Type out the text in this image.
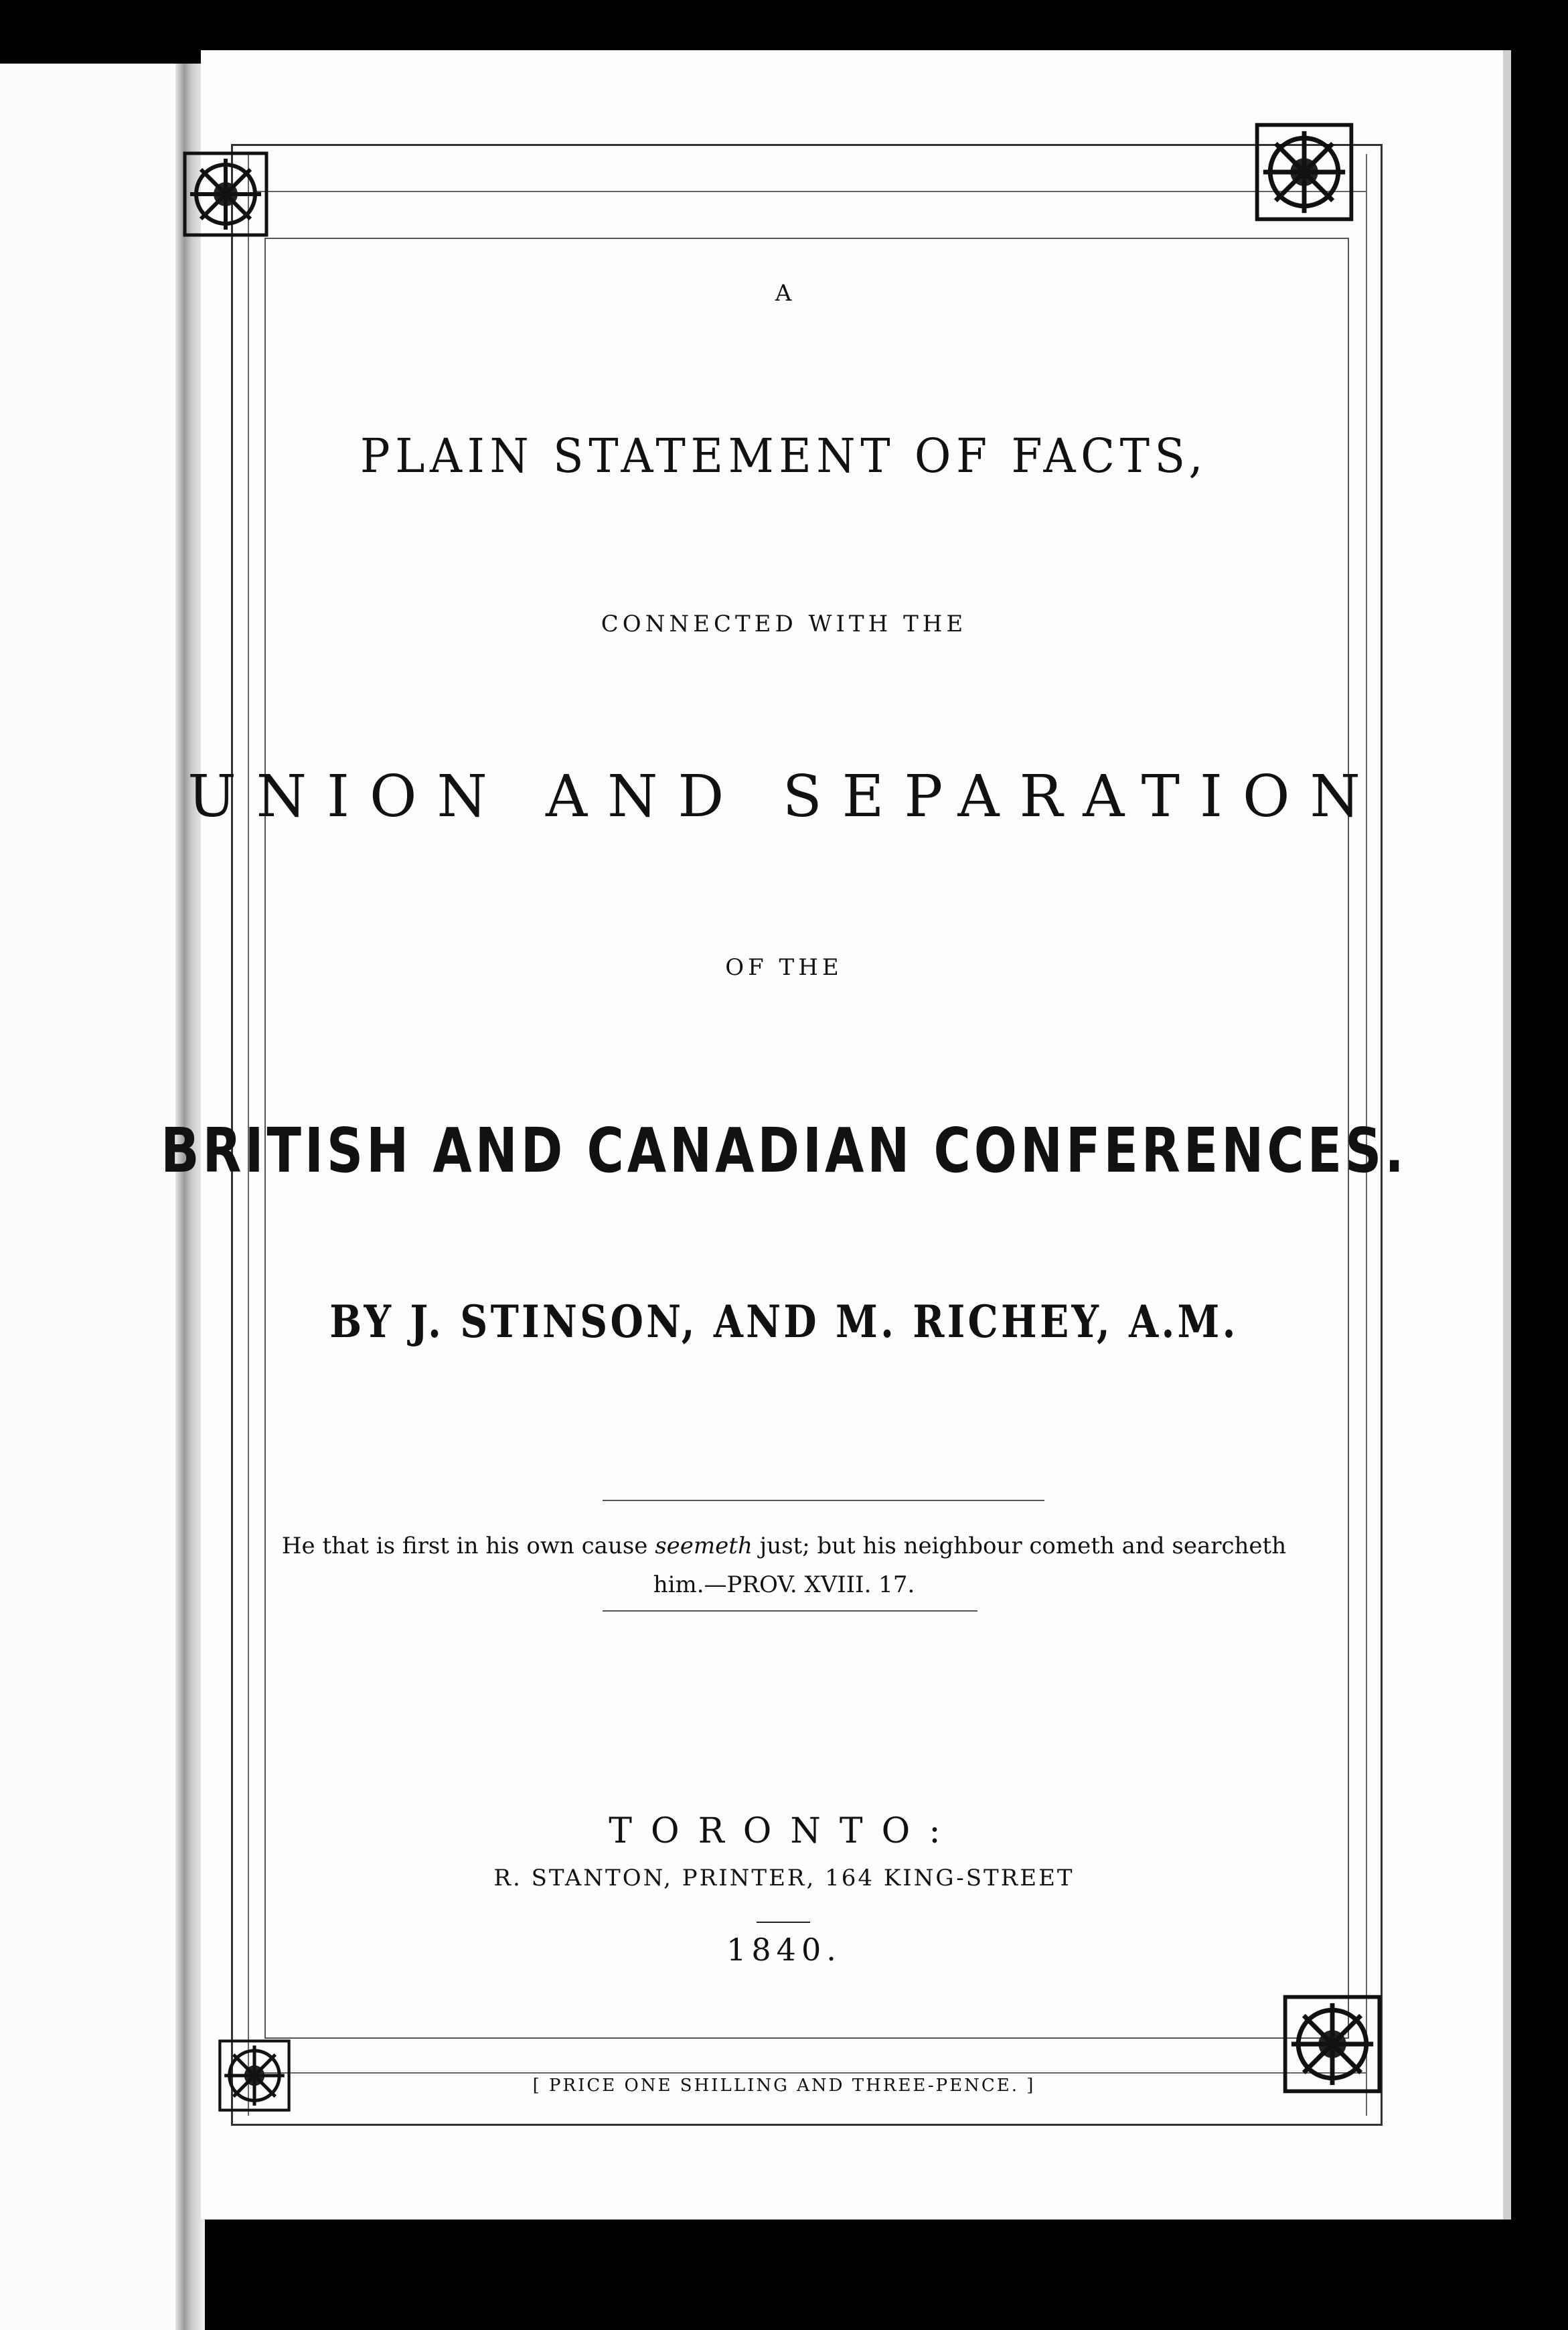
A
PLAIN STATEMENT OF FACTS,
CONNECTED WITH THE
UNION AND SEPARATION
OF THE
BRITISH AND CANADIAN CONFERENCES.
BY J. STINSON, AND M. RICHEY, A.M.
He that is first in his own cause seemeth just; but his neighbour cometh and searcheth
him.—PROV. XVIII. 17.
TORONTO:
R. STANTON, PRINTER, 164 KING-STREET
1840.
[ PRICE ONE SHILLING AND THREE-PENCE. ]
